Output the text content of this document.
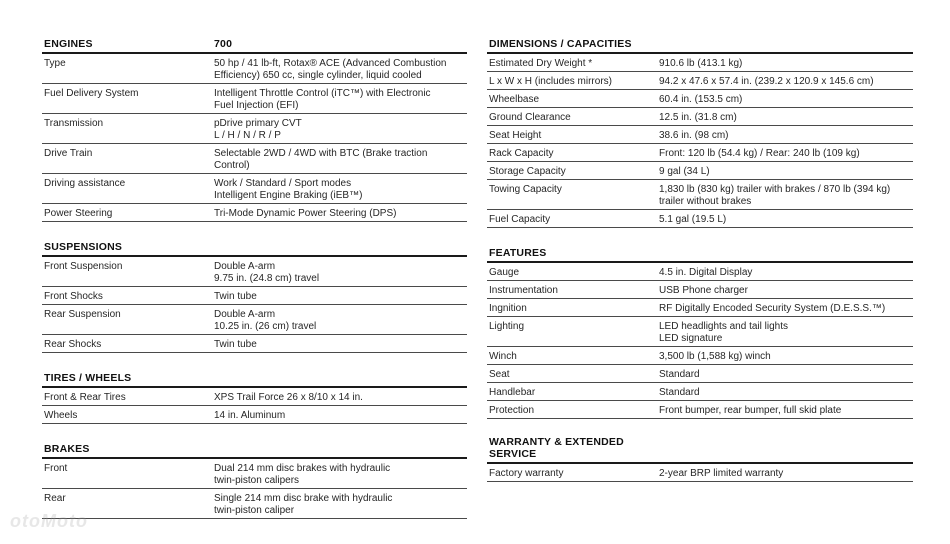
ENGINES	700
Type	50 hp / 41 lb-ft, Rotax® ACE (Advanced Combustion
Efficiency) 650 cc, single cylinder, liquid cooled
Fuel Delivery System	Intelligent Throttle Control (iTC™) with Electronic
Fuel Injection (EFI)
Transmission	pDrive primary CVT
L / H / N / R / P
Drive Train	Selectable 2WD / 4WD with BTC (Brake traction
Control)
Driving assistance	Work / Standard / Sport modes
Intelligent Engine Braking (iEB™)
Power Steering	Tri-Mode Dynamic Power Steering (DPS)
SUSPENSIONS
Front Suspension	Double A-arm
9.75 in. (24.8 cm) travel
Front Shocks	Twin tube
Rear Suspension	Double A-arm
10.25 in. (26 cm) travel
Rear Shocks	Twin tube
TIRES / WHEELS
Front & Rear Tires	XPS Trail Force 26 x 8/10 x 14 in.
Wheels	14 in. Aluminum
BRAKES
Front	Dual 214 mm disc brakes with hydraulic
twin-piston calipers
Rear	Single 214 mm disc brake with hydraulic
twin-piston caliper
DIMENSIONS / CAPACITIES
Estimated Dry Weight *	910.6 lb (413.1 kg)
L x W x H (includes mirrors)	94.2 x 47.6 x 57.4 in. (239.2 x 120.9 x 145.6 cm)
Wheelbase	60.4 in. (153.5 cm)
Ground Clearance	12.5 in. (31.8 cm)
Seat Height	38.6 in. (98 cm)
Rack Capacity	Front: 120 lb (54.4 kg) / Rear: 240 lb (109 kg)
Storage Capacity	9 gal (34 L)
Towing Capacity	1,830 lb (830 kg) trailer with brakes / 870 lb (394 kg)
trailer without brakes
Fuel Capacity	5.1 gal (19.5 L)
FEATURES
Gauge	4.5 in. Digital Display
Instrumentation	USB Phone charger
Ingnition	RF Digitally Encoded Security System (D.E.S.S.™)
Lighting	LED headlights and tail lights
LED signature
Winch	3,500 lb (1,588 kg) winch
Seat	Standard
Handlebar	Standard
Protection	Front bumper, rear bumper, full skid plate
WARRANTY & EXTENDED SERVICE
Factory warranty	2-year BRP limited warranty
otoMoto
